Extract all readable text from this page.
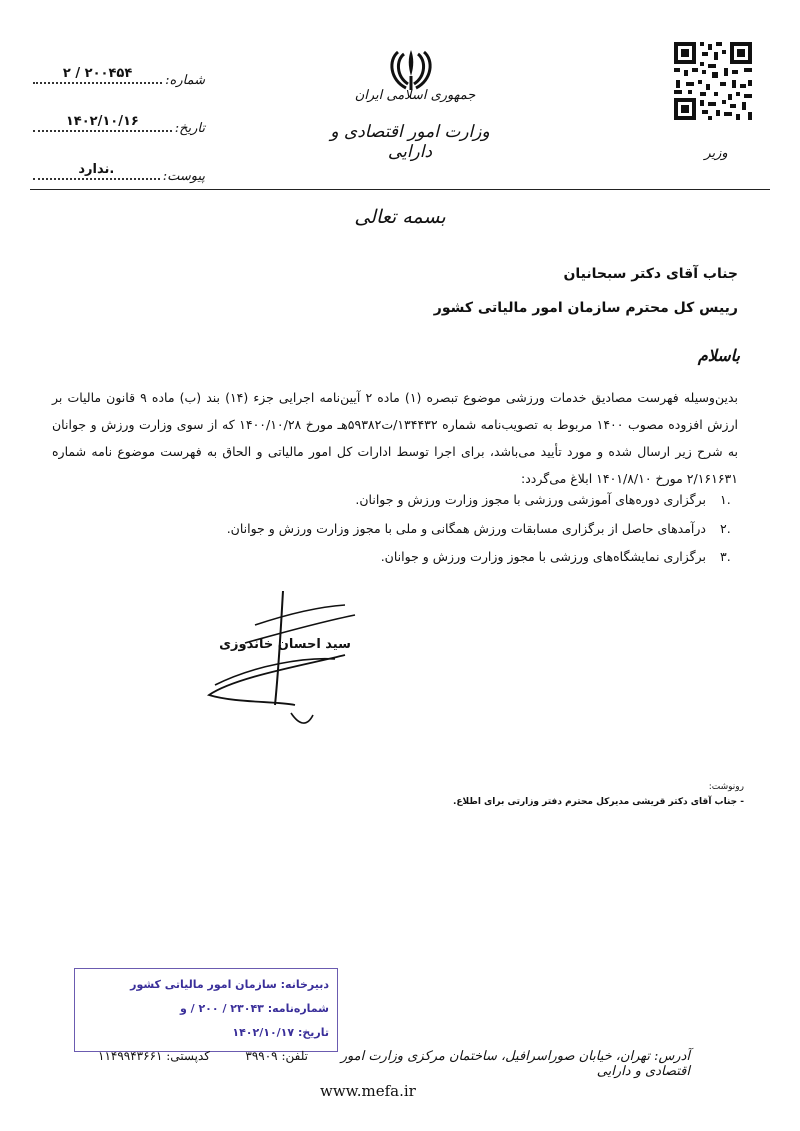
شماره:
۲ / ۲۰۰۴۵۴
تاریخ:
۱۴۰۲/۱۰/۱۶
پیوست:
ندارد.
جمهوری اسلامی ایران
وزارت امور اقتصادی و دارایی	وزیر
بسمه تعالی
جناب آقای دکتر سبحانیان
رییس کل محترم سازمان امور مالیاتی کشور
باسلام
بدین‌وسیله فهرست مصادیق خدمات ورزشی موضوع تبصره (۱) ماده ۲ آیین‌نامه اجرایی جزء (۱۴) بند (ب) ماده ۹ قانون مالیات بر ارزش افزوده مصوب ۱۴۰۰ مربوط به تصویب‌نامه شماره ۱۳۴۴۳۲/ت۵۹۳۸۲هـ مورخ ۱۴۰۰/۱۰/۲۸ که از سوی وزارت ورزش و جوانان به شرح زیر ارسال شده و مورد تأیید می‌باشد، برای اجرا توسط ادارات کل امور مالیاتی و الحاق به فهرست موضوع نامه شماره ۲/۱۶۱۶۳۱ مورخ ۱۴۰۱/۸/۱۰ ابلاغ می‌گردد:
۱.
برگزاری دوره‌های آموزشی ورزشی با مجوز وزارت ورزش و جوانان.
۲.
درآمدهای حاصل از برگزاری مسابقات ورزش همگانی و ملی با مجوز وزارت ورزش و جوانان.
۳.
برگزاری نمایشگاه‌های ورزشی با مجوز وزارت ورزش و جوانان.
سید احسان خاندوزی
رونوشت:
- جناب آقای دکتر قریشی مدیرکل محترم دفتر وزارتی برای اطلاع.
دبیرخانه: سازمان امور مالیاتی کشور
شماره‌نامه: ۲۳۰۴۳ / ۲۰۰ / و
تاریخ: ۱۴۰۲/۱۰/۱۷
آدرس: تهران، خیابان صوراسرافیل، ساختمان مرکزی وزارت امور اقتصادی و دارایی
تلفن: ۳۹۹۰۹
کدپستی: ۱۱۴۹۹۴۳۶۶۱
www.mefa.ir
